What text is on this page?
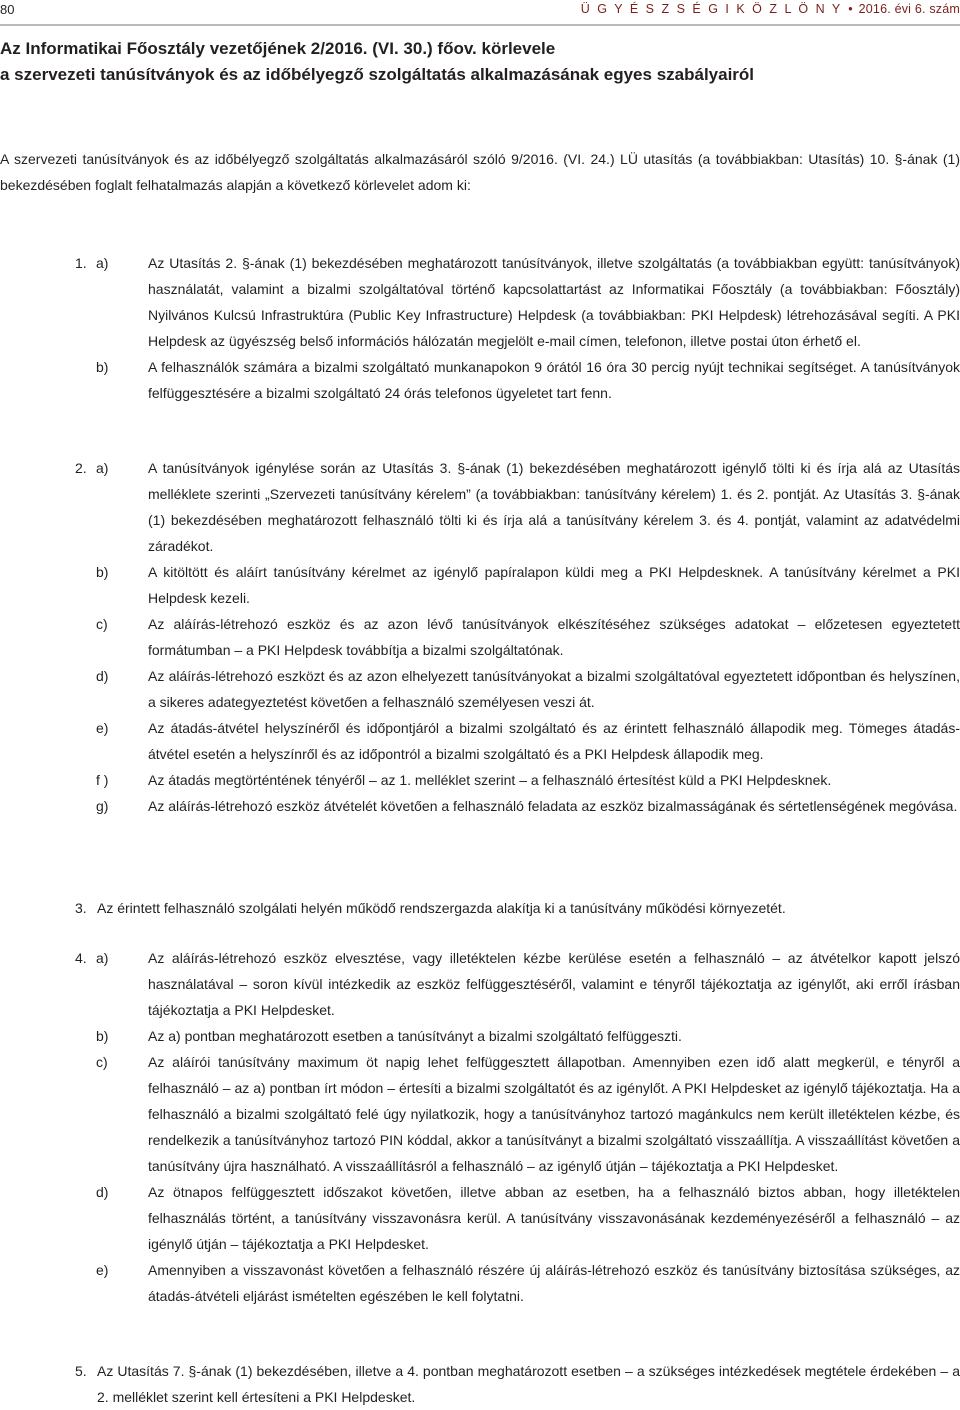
80	Ü G Y É S Z S É G I K Ö Z L Ö N Y • 2016. évi 6. szám
Az Informatikai Főosztály vezetőjének 2/2016. (VI. 30.) főov. körlevele
a szervezeti tanúsítványok és az időbélyegző szolgáltatás alkalmazásának egyes szabályairól
A szervezeti tanúsítványok és az időbélyegző szolgáltatás alkalmazásáról szóló 9/2016. (VI. 24.) LÜ utasítás (a továbbiakban: Utasítás) 10. §-ának (1) bekezdésében foglalt felhatalmazás alapján a következő körlevelet adom ki:
1. a)	Az Utasítás 2. §-ának (1) bekezdésében meghatározott tanúsítványok, illetve szolgáltatás (a továbbiakban együtt: tanúsítványok) használatát, valamint a bizalmi szolgáltatóval történő kapcsolattartást az Informatikai Főosztály (a továbbiakban: Főosztály) Nyilvános Kulcsú Infrastruktúra (Public Key Infrastructure) Helpdesk (a továbbiakban: PKI Helpdesk) létrehozásával segíti. A PKI Helpdesk az ügyészség belső információs hálózatán megjelölt e-mail címen, telefonon, illetve postai úton érhető el.
b)	A felhasználók számára a bizalmi szolgáltató munkanapokon 9 órától 16 óra 30 percig nyújt technikai segítséget. A tanúsítványok felfüggesztésére a bizalmi szolgáltató 24 órás telefonos ügyeletet tart fenn.
2. a)	A tanúsítványok igénylése során az Utasítás 3. §-ának (1) bekezdésében meghatározott igénylő tölti ki és írja alá az Utasítás melléklete szerinti „Szervezeti tanúsítvány kérelem” (a továbbiakban: tanúsítvány kérelem) 1. és 2. pontját. Az Utasítás 3. §-ának (1) bekezdésében meghatározott felhasználó tölti ki és írja alá a tanúsítvány kérelem 3. és 4. pontját, valamint az adatvédelmi záradékot.
b)	A kitöltött és aláírt tanúsítvány kérelmet az igénylő papíralapon küldi meg a PKI Helpdesknek. A tanúsítvány kérelmet a PKI Helpdesk kezeli.
c)	Az aláírás-létrehozó eszköz és az azon lévő tanúsítványok elkészítéséhez szükséges adatokat – előzetesen egyeztetett formátumban – a PKI Helpdesk továbbítja a bizalmi szolgáltatónak.
d)	Az aláírás-létrehozó eszközt és az azon elhelyezett tanúsítványokat a bizalmi szolgáltatóval egyeztetett időpontban és helyszínen, a sikeres adategyeztetést követően a felhasználó személyesen veszi át.
e)	Az átadás-átvétel helyszínéről és időpontjáról a bizalmi szolgáltató és az érintett felhasználó állapodik meg. Tömeges átadás-átvétel esetén a helyszínről és az időpontról a bizalmi szolgáltató és a PKI Helpdesk állapodik meg.
f )	Az átadás megtörténtének tényéről – az 1. melléklet szerint – a felhasználó értesítést küld a PKI Helpdesknek.
g)	Az aláírás-létrehozó eszköz átvételét követően a felhasználó feladata az eszköz bizalmasságának és sértetlenségének megóvása.
3. Az érintett felhasználó szolgálati helyén működő rendszergazda alakítja ki a tanúsítvány működési környezetét.
4. a)	Az aláírás-létrehozó eszköz elvesztése, vagy illetéktelen kézbe kerülése esetén a felhasználó – az átvételkor kapott jelszó használatával – soron kívül intézkedik az eszköz felfüggesztéséről, valamint e tényről tájékoztatja az igénylőt, aki erről írásban tájékoztatja a PKI Helpdesket.
b)	Az a) pontban meghatározott esetben a tanúsítványt a bizalmi szolgáltató felfüggeszti.
c)	Az aláírói tanúsítvány maximum öt napig lehet felfüggesztett állapotban. Amennyiben ezen idő alatt megkerül, e tényről a felhasználó – az a) pontban írt módon – értesíti a bizalmi szolgáltatót és az igénylőt. A PKI Helpdesket az igénylő tájékoztatja. Ha a felhasználó a bizalmi szolgáltató felé úgy nyilatkozik, hogy a tanúsítványhoz tartozó magánkulcs nem került illetéktelen kézbe, és rendelkezik a tanúsítványhoz tartozó PIN kóddal, akkor a tanúsítványt a bizalmi szolgáltató visszaállítja. A visszaállítást követően a tanúsítvány újra használható. A visszaállításról a felhasználó – az igénylő útján – tájékoztatja a PKI Helpdesket.
d)	Az ötnapos felfüggesztett időszakot követően, illetve abban az esetben, ha a felhasználó biztos abban, hogy illetéktelen felhasználás történt, a tanúsítvány visszavonásra kerül. A tanúsítvány visszavonásának kezdeményezéséről a felhasználó – az igénylő útján – tájékoztatja a PKI Helpdesket.
e)	Amennyiben a visszavonást követően a felhasználó részére új aláírás-létrehozó eszköz és tanúsítvány biztosítása szükséges, az átadás-átvételi eljárást ismételten egészében le kell folytatni.
5. Az Utasítás 7. §-ának (1) bekezdésében, illetve a 4. pontban meghatározott esetben – a szükséges intézkedések megtétele érdekében – a 2. melléklet szerint kell értesíteni a PKI Helpdesket.
